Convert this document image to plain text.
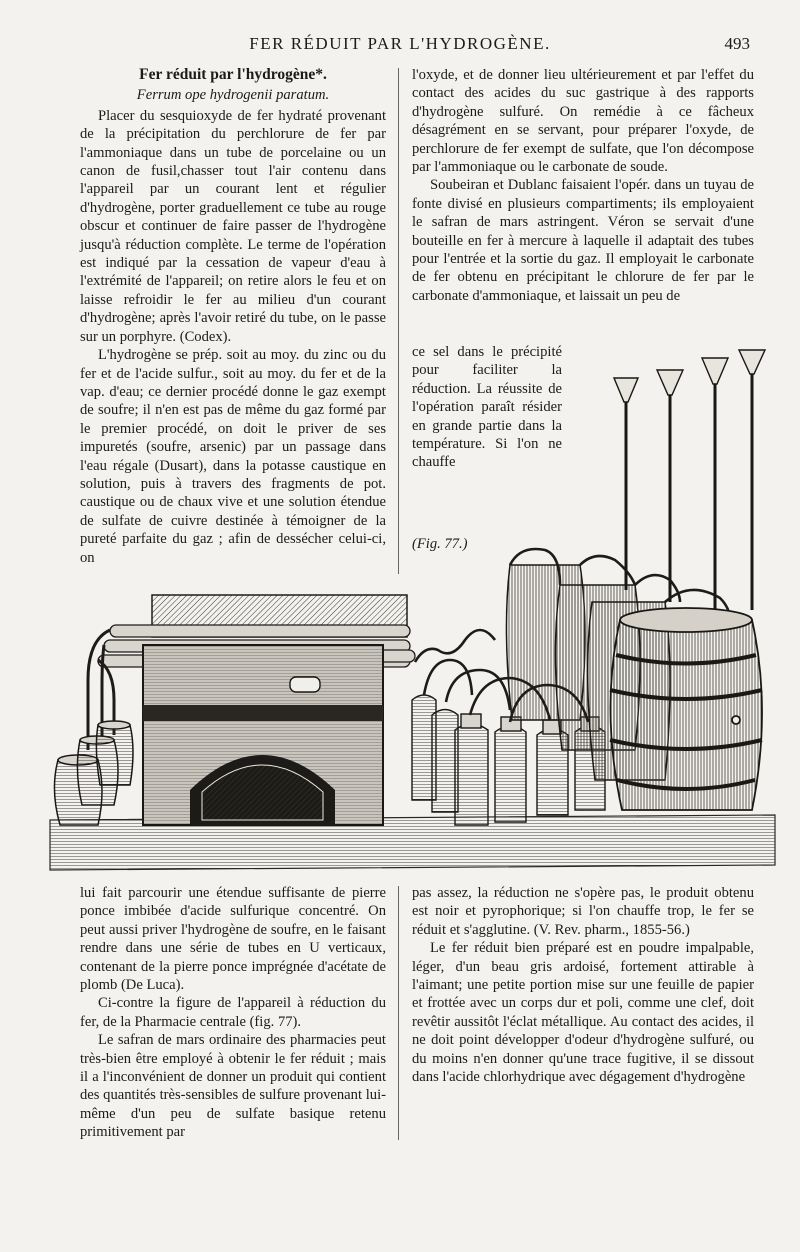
FER RÉDUIT PAR L'HYDROGÈNE.	493

Fer réduit par l'hydrogène*.

Ferrum ope hydrogenii paratum.

Placer du sesquioxyde de fer hydraté provenant de la précipitation du perchlorure de fer par l'ammoniaque dans un tube de porcelaine ou un canon de fusil,chasser tout l'air contenu dans l'appareil par un courant lent et régulier d'hydrogène, porter graduellement ce tube au rouge obscur et continuer de faire passer de l'hydrogène jusqu'à réduction complète. Le terme de l'opération est indiqué par la cessation de vapeur d'eau à l'extrémité de l'appareil; on retire alors le feu et on laisse refroidir le fer au milieu d'un courant d'hydrogène; après l'avoir retiré du tube, on le passe sur un porphyre. (Codex).

L'hydrogène se prép. soit au moy. du zinc ou du fer et de l'acide sulfur., soit au moy. du fer et de la vap. d'eau; ce dernier procédé donne le gaz exempt de soufre; il n'en est pas de même du gaz formé par le premier procédé, on doit le priver de ses impuretés (soufre, arsenic) par un passage dans l'eau régale (Dusart), dans la potasse caustique en solution, puis à travers des fragments de pot. caustique ou de chaux vive et une solution étendue de sulfate de cuivre destinée à témoigner de la pureté parfaite du gaz ; afin de dessécher celui-ci, on

l'oxyde, et de donner lieu ultérieurement et par l'effet du contact des acides du suc gastrique à des rapports d'hydrogène sulfuré. On remédie à ce fâcheux désagrément en se servant, pour préparer l'oxyde, de perchlorure de fer exempt de sulfate, que l'on décompose par l'ammoniaque ou le carbonate de soude.

Soubeiran et Dublanc faisaient l'opér. dans un tuyau de fonte divisé en plusieurs compartiments; ils employaient le safran de mars astringent. Véron se servait d'une bouteille en fer à mercure à laquelle il adaptait des tubes pour l'entrée et la sortie du gaz. Il employait le carbonate de fer obtenu en précipitant le chlorure de fer par le carbonate d'ammoniaque, et laissait un peu de

ce sel dans le précipité pour faciliter la réduction. La réussite de l'opération paraît résider en grande partie dans la température. Si l'on ne chauffe
(Fig. 77.)

lui fait parcourir une étendue suffisante de pierre ponce imbibée d'acide sulfurique concentré. On peut aussi priver l'hydrogène de soufre, en le faisant rendre dans une série de tubes en U verticaux, contenant de la pierre ponce imprégnée d'acétate de plomb (De Luca).

Ci-contre la figure de l'appareil à réduction du fer, de la Pharmacie centrale (fig. 77).

Le safran de mars ordinaire des pharmacies peut très-bien être employé à obtenir le fer réduit ; mais il a l'inconvénient de donner un produit qui contient des quantités très-sensibles de sulfure provenant lui-même d'un peu de sulfate basique retenu primitivement par

pas assez, la réduction ne s'opère pas, le produit obtenu est noir et pyrophorique; si l'on chauffe trop, le fer se réduit et s'agglutine. (V. Rev. pharm., 1855-56.)

Le fer réduit bien préparé est en poudre impalpable, léger, d'un beau gris ardoisé, fortement attirable à l'aimant; une petite portion mise sur une feuille de papier et frottée avec un corps dur et poli, comme une clef, doit revêtir aussitôt l'éclat métallique. Au contact des acides, il ne doit point développer d'odeur d'hydrogène sulfuré, ou du moins n'en donner qu'une trace fugitive, il se dissout dans l'acide chlorhydrique avec dégagement d'hydrogène
